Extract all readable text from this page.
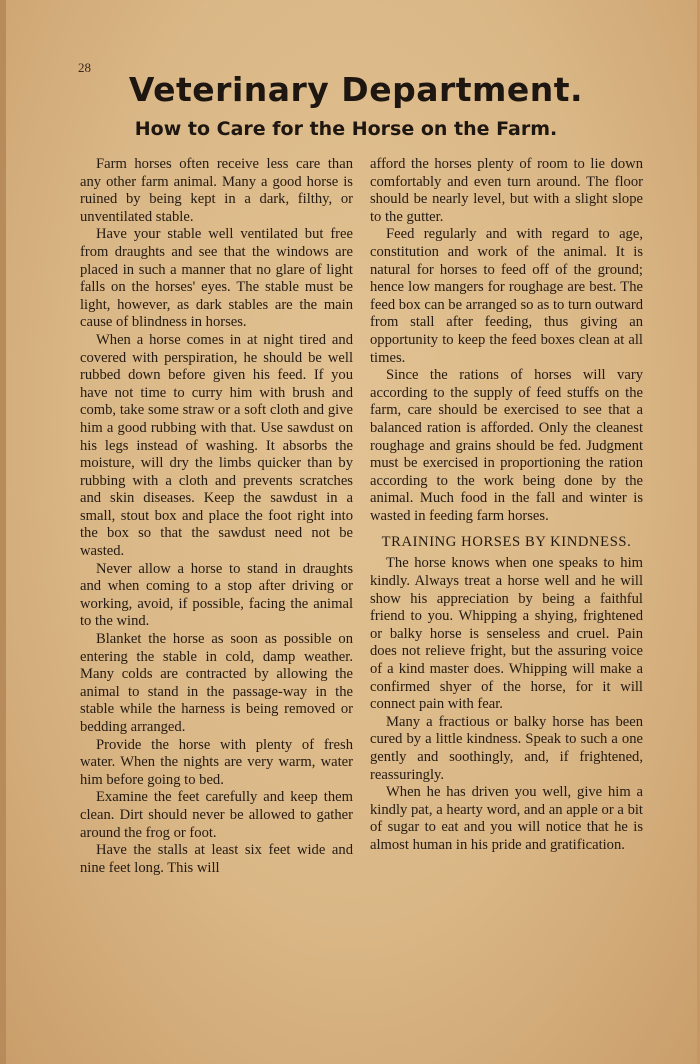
28
Veterinary Department.
How to Care for the Horse on the Farm.

Farm horses often receive less care than any other farm animal. Many a good horse is ruined by being kept in a dark, filthy, or unventilated stable.

Have your stable well ventilated but free from draughts and see that the windows are placed in such a manner that no glare of light falls on the horses' eyes. The stable must be light, however, as dark stables are the main cause of blindness in horses.

When a horse comes in at night tired and covered with perspiration, he should be well rubbed down before given his feed. If you have not time to curry him with brush and comb, take some straw or a soft cloth and give him a good rubbing with that. Use sawdust on his legs instead of washing. It absorbs the moisture, will dry the limbs quicker than by rubbing with a cloth and prevents scratches and skin diseases. Keep the sawdust in a small, stout box and place the foot right into the box so that the sawdust need not be wasted.

Never allow a horse to stand in draughts and when coming to a stop after driving or working, avoid, if possible, facing the animal to the wind.

Blanket the horse as soon as possible on entering the stable in cold, damp weather. Many colds are contracted by allowing the animal to stand in the passage-way in the stable while the harness is being removed or bedding arranged.

Provide the horse with plenty of fresh water. When the nights are very warm, water him before going to bed.

Examine the feet carefully and keep them clean. Dirt should never be allowed to gather around the frog or foot.

Have the stalls at least six feet wide and nine feet long. This will

afford the horses plenty of room to lie down comfortably and even turn around. The floor should be nearly level, but with a slight slope to the gutter.

Feed regularly and with regard to age, constitution and work of the animal. It is natural for horses to feed off of the ground; hence low mangers for roughage are best. The feed box can be arranged so as to turn outward from stall after feeding, thus giving an opportunity to keep the feed boxes clean at all times.

Since the rations of horses will vary according to the supply of feed stuffs on the farm, care should be exercised to see that a balanced ration is afforded. Only the cleanest roughage and grains should be fed. Judgment must be exercised in proportioning the ration according to the work being done by the animal. Much food in the fall and winter is wasted in feeding farm horses.

TRAINING HORSES BY KINDNESS.

The horse knows when one speaks to him kindly. Always treat a horse well and he will show his appreciation by being a faithful friend to you. Whipping a shying, frightened or balky horse is senseless and cruel. Pain does not relieve fright, but the assuring voice of a kind master does. Whipping will make a confirmed shyer of the horse, for it will connect pain with fear.

Many a fractious or balky horse has been cured by a little kindness. Speak to such a one gently and soothingly, and, if frightened, reassuringly.

When he has driven you well, give him a kindly pat, a hearty word, and an apple or a bit of sugar to eat and you will notice that he is almost human in his pride and gratification.
